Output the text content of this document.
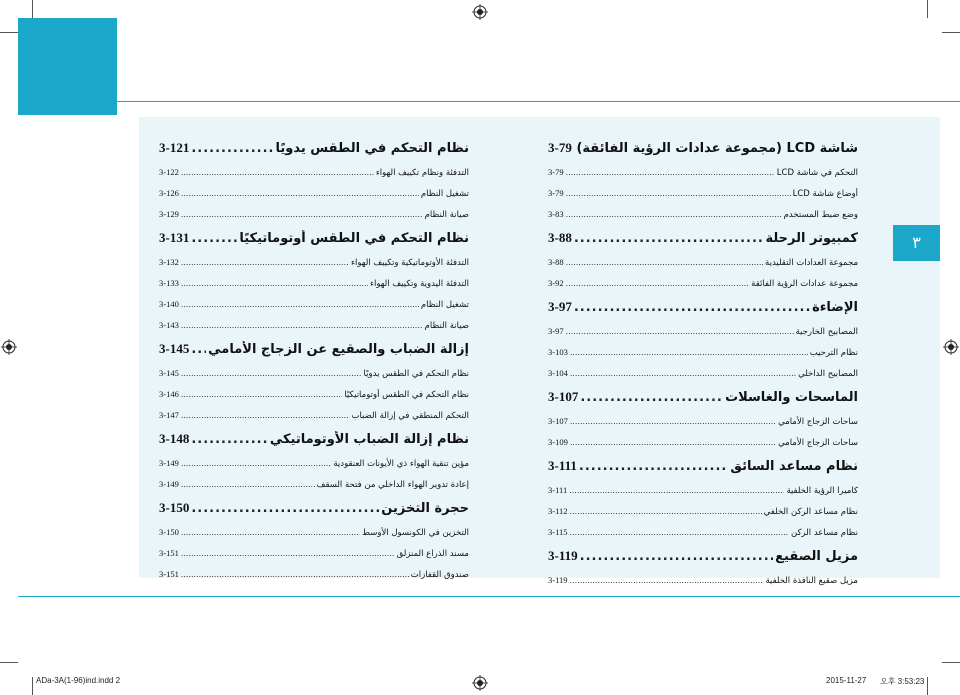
شاشة LCD (مجموعة عدادات الرؤية الفائقة)
.....
3-79
التحكم في شاشة LCD
.....
3-79
أوضاع شاشة LCD
.....
3-79
وضع ضبط المستخدم
.....
3-83
كمبيوتر الرحلة
.....
3-88
مجموعة العدادات التقليدية
.....
3-88
مجموعة عدادات الرؤية الفائقة
.....
3-92
الإضاءة
.....
3-97
المصابيح الخارجية
.....
3-97
نظام الترحيب
.....
3-103
المصابيح الداخلي
.....
3-104
الماسحات والغاسلات
.....
3-107
ساحات الزجاج الأمامي
.....
3-107
ساحات الزجاج الأمامي
.....
3-109
نظام مساعد السائق
.....
3-111
كاميرا الرؤية الخلفية
.....
3-111
نظام مساعد الركن الخلفي
.....
3-112
نظام مساعد الركن
.....
3-115
مزيل الصقيع
.....
3-119
مزيل صقيع النافذة الخلفية
.....
3-119
نظام التحكم في الطقس يدويًا
.....
3-121
التدفئة ونظام تكييف الهواء
.....
3-122
تشغيل النظام
.....
3-126
صيانة النظام
.....
3-129
نظام التحكم في الطقس أوتوماتيكيًا
.....
3-131
التدفئة الأوتوماتيكية وتكييف الهواء
.....
3-132
التدفئة اليدوية وتكييف الهواء
.....
3-133
تشغيل النظام
.....
3-140
صيانة النظام
.....
3-143
إزالة الضباب والصقيع عن الزجاج الأمامي
.....
3-145
نظام التحكم في الطقس يدويًا
.....
3-145
نظام التحكم في الطقس أوتوماتيكيًا
.....
3-146
التحكم المنطقي في إزالة الضباب
.....
3-147
نظام إزالة الضباب الأوتوماتيكي
.....
3-148
مؤين تنقية الهواء ذي الأيونات العنقودية
.....
3-149
إعادة تدوير الهواء الداخلي من فتحة السقف
.....
3-149
حجرة التخزين
.....
3-150
التخزين في الكونسول الأوسط
.....
3-150
مسند الذراع المنزلق
.....
3-151
صندوق القفازات
.....
3-151
٣
ADa-3A(1-96)ind.indd 2	2015-11-27 오후 3:53:23
